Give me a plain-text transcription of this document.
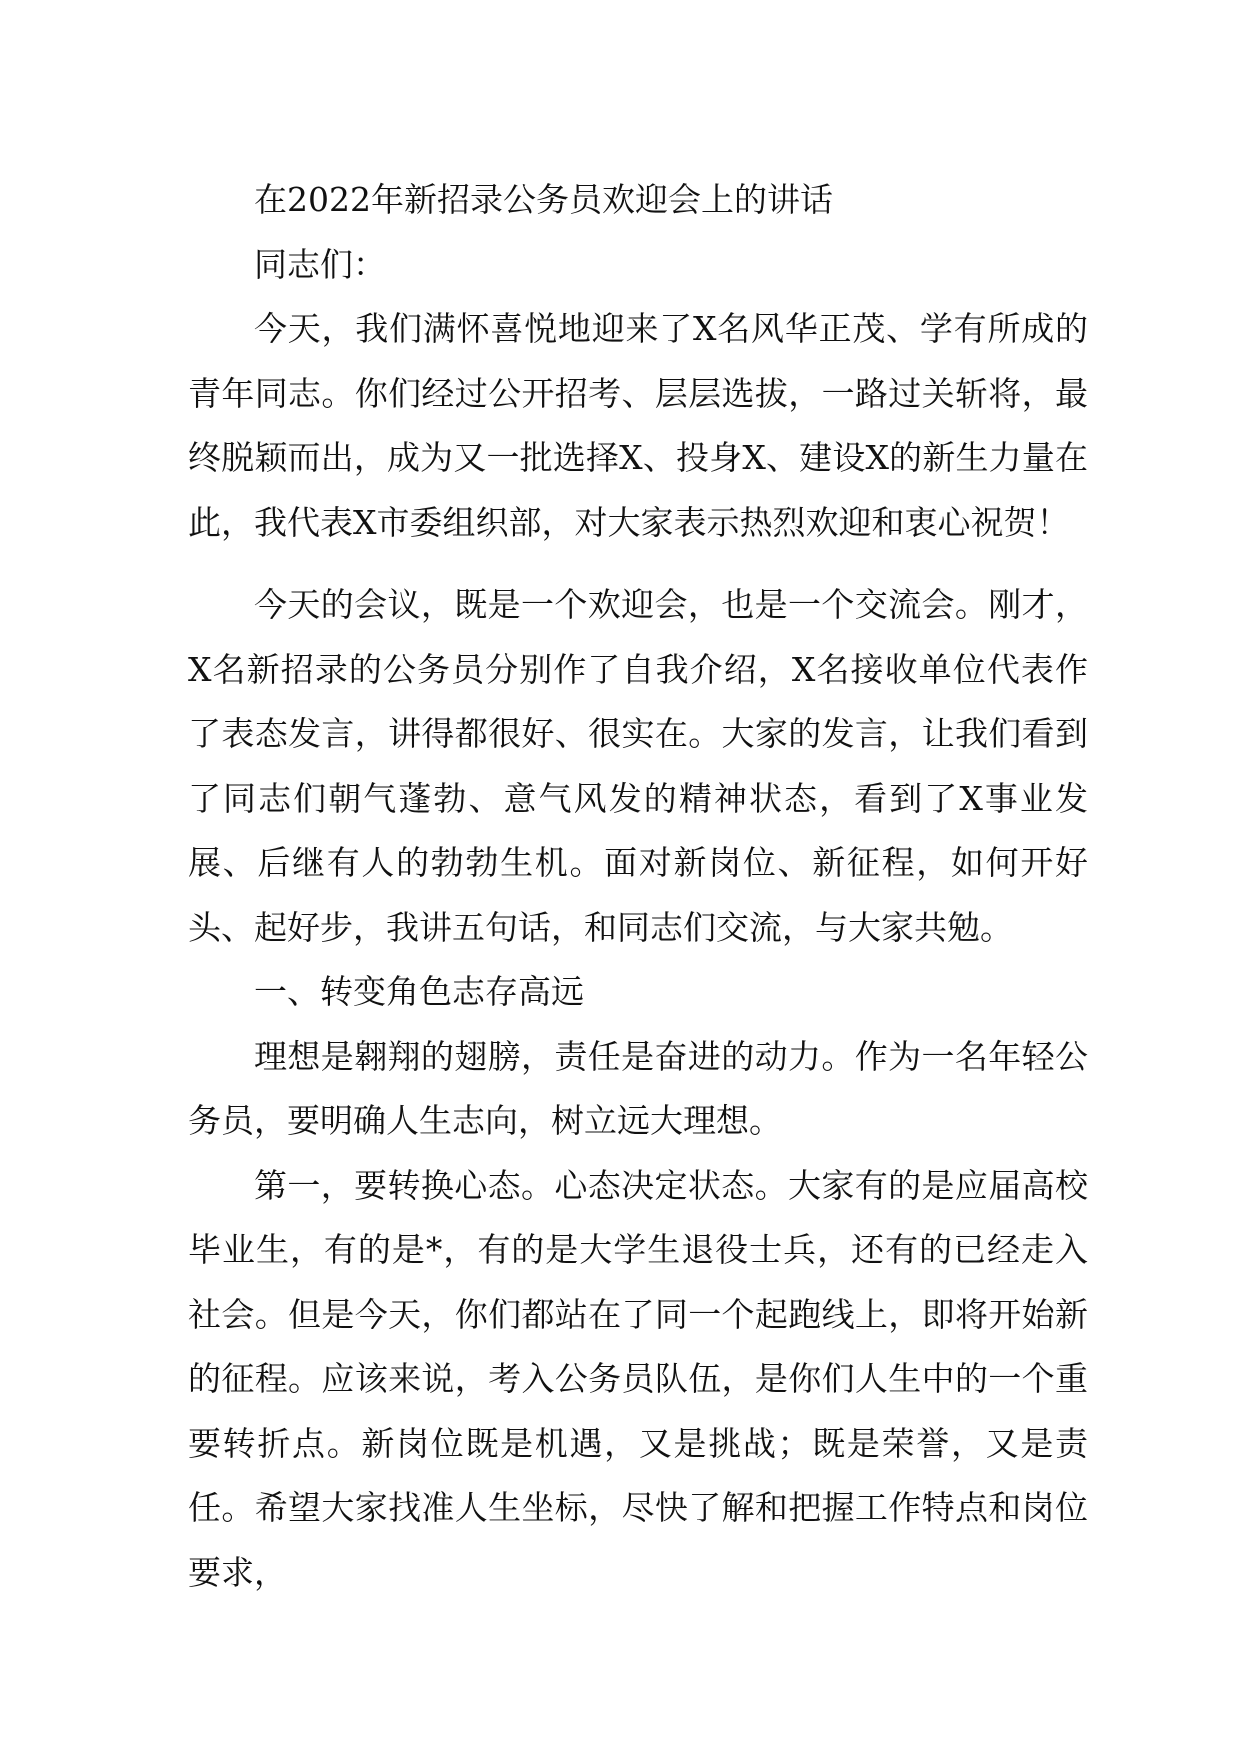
在2022年新招录公务员欢迎会上的讲话

同志们：

今天，我们满怀喜悦地迎来了X名风华正茂、学有所成的青年同志。你们经过公开招考、层层选拔，一路过关斩将，最终脱颖而出，成为又一批选择X、投身X、建设X的新生力量在此，我代表X市委组织部，对大家表示热烈欢迎和衷心祝贺！

今天的会议，既是一个欢迎会，也是一个交流会。刚才，X名新招录的公务员分别作了自我介绍，X名接收单位代表作了表态发言，讲得都很好、很实在。大家的发言，让我们看到了同志们朝气蓬勃、意气风发的精神状态，看到了X事业发展、后继有人的勃勃生机。面对新岗位、新征程，如何开好头、起好步，我讲五句话，和同志们交流，与大家共勉。

一、转变角色志存高远

理想是翱翔的翅膀，责任是奋进的动力。作为一名年轻公务员，要明确人生志向，树立远大理想。

第一，要转换心态。心态决定状态。大家有的是应届高校毕业生，有的是*，有的是大学生退役士兵，还有的已经走入社会。但是今天，你们都站在了同一个起跑线上，即将开始新的征程。应该来说，考入公务员队伍，是你们人生中的一个重要转折点。新岗位既是机遇，又是挑战；既是荣誉，又是责任。希望大家找准人生坐标，尽快了解和把握工作特点和岗位要求，
